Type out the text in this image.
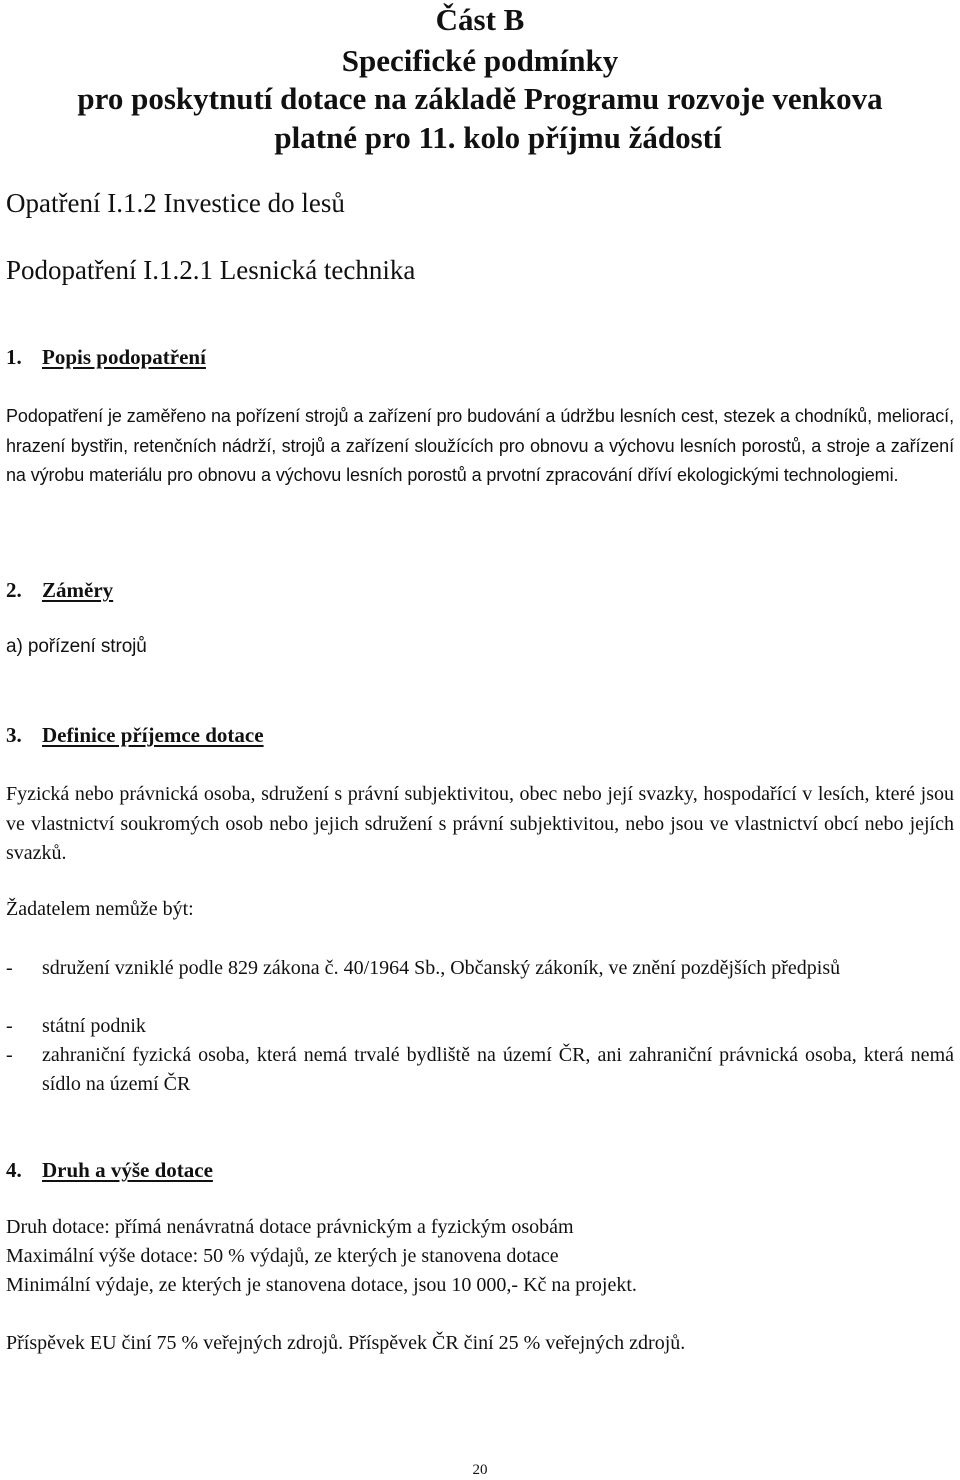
Část B
Specifické podmínky
pro poskytnutí dotace na základě Programu rozvoje venkova
platné pro 11. kolo příjmu žádostí
Opatření I.1.2 Investice do lesů
Podopatření I.1.2.1 Lesnická technika
1. Popis podopatření
Podopatření je zaměřeno na pořízení strojů a zařízení pro budování a údržbu lesních cest, stezek a chodníků, meliorací, hrazení bystřin, retenčních nádrží, strojů a zařízení sloužících pro obnovu a výchovu lesních porostů, a stroje a zařízení na výrobu materiálu pro obnovu a výchovu lesních porostů a prvotní zpracování dříví ekologickými technologiemi.
2. Záměry
a) pořízení strojů
3. Definice příjemce dotace
Fyzická nebo právnická osoba, sdružení s právní subjektivitou, obec nebo její svazky, hospodařící v lesích, které jsou ve vlastnictví soukromých osob nebo jejich sdružení s právní subjektivitou, nebo jsou ve vlastnictví obcí nebo jejích svazků.
Žadatelem nemůže být:
- sdružení vzniklé podle 829 zákona č. 40/1964 Sb., Občanský zákoník, ve znění pozdějších předpisů
- státní podnik
- zahraniční fyzická osoba, která nemá trvalé bydliště na území ČR, ani zahraniční právnická osoba, která nemá sídlo na území ČR
4. Druh a výše dotace
Druh dotace: přímá nenávratná dotace právnickým a fyzickým osobám
Maximální výše dotace: 50 % výdajů, ze kterých je stanovena dotace
Minimální výdaje, ze kterých je stanovena dotace, jsou 10 000,- Kč na projekt.
Příspěvek EU činí 75 % veřejných zdrojů. Příspěvek ČR činí 25 % veřejných zdrojů.
20
